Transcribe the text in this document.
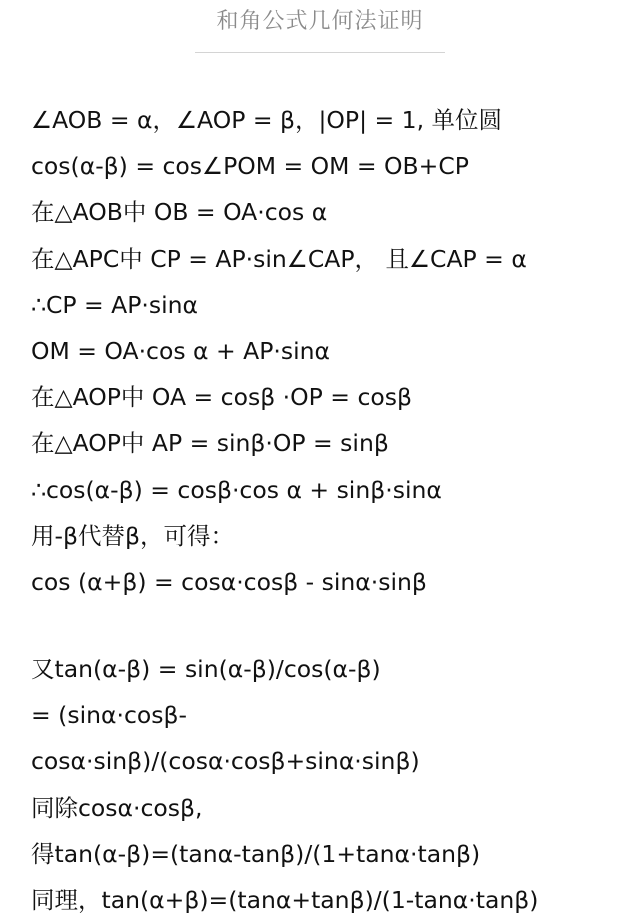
和角公式几何法证明
∠AOB = α，∠AOP = β，|OP| = 1, 单位圆
cos(α-β) = cos∠POM = OM = OB+CP
在△AOB中 OB = OA·cos α
在△APC中 CP = AP·sin∠CAP， 且∠CAP = α
∴CP = AP·sinα
OM = OA·cos α + AP·sinα
在△AOP中 OA = cosβ ·OP = cosβ
在△AOP中 AP = sinβ·OP = sinβ
∴cos(α-β) = cosβ·cos α + sinβ·sinα
用-β代替β，可得：
cos (α+β) = cosα·cosβ - sinα·sinβ
又tan(α-β) = sin(α-β)/cos(α-β)
= (sinα·cosβ-
cosα·sinβ)/(cosα·cosβ+sinα·sinβ)
同除cosα·cosβ,
得tan(α-β)=(tanα-tanβ)/(1+tanα·tanβ)
同理，tan(α+β)=(tanα+tanβ)/(1-tanα·tanβ)
